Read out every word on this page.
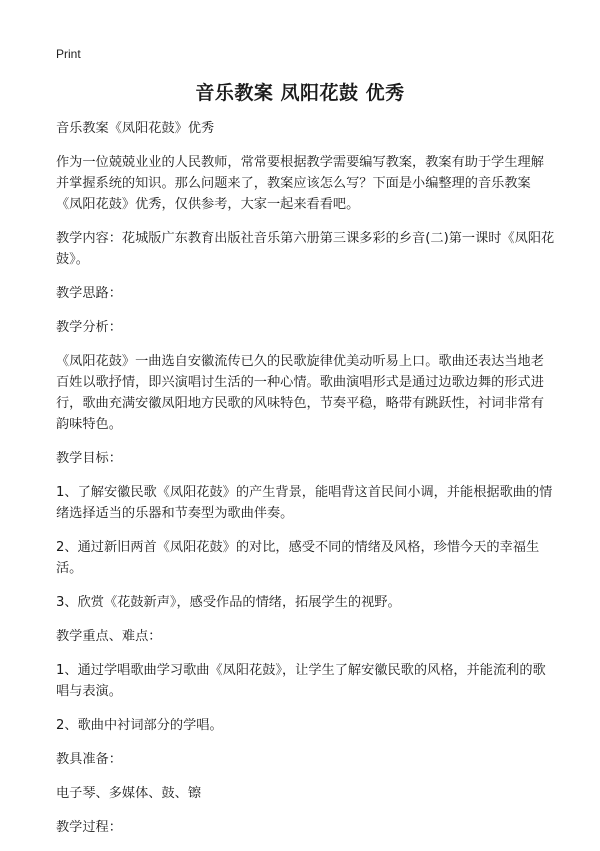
Print
音乐教案 凤阳花鼓 优秀

音乐教案《凤阳花鼓》优秀

作为一位兢兢业业的人民教师，常常要根据教学需要编写教案，教案有助于学生理解并掌握系统的知识。那么问题来了，教案应该怎么写？下面是小编整理的音乐教案《凤阳花鼓》优秀，仅供参考，大家一起来看看吧。

教学内容：花城版广东教育出版社音乐第六册第三课多彩的乡音(二)第一课时《凤阳花鼓》。

教学思路：

教学分析：

《凤阳花鼓》一曲选自安徽流传已久的民歌旋律优美动听易上口。歌曲还表达当地老百姓以歌抒情，即兴演唱讨生活的一种心情。歌曲演唱形式是通过边歌边舞的形式进行，歌曲充满安徽凤阳地方民歌的风味特色，节奏平稳，略带有跳跃性，衬词非常有韵味特色。

教学目标：

1、了解安徽民歌《凤阳花鼓》的产生背景，能唱背这首民间小调，并能根据歌曲的情绪选择适当的乐器和节奏型为歌曲伴奏。

2、通过新旧两首《凤阳花鼓》的对比，感受不同的情绪及风格，珍惜今天的幸福生活。

3、欣赏《花鼓新声》，感受作品的情绪，拓展学生的视野。

教学重点、难点：

1、通过学唱歌曲学习歌曲《凤阳花鼓》，让学生了解安徽民歌的风格，并能流利的歌唱与表演。

2、歌曲中衬词部分的学唱。

教具准备：

电子琴、多媒体、鼓、镲

教学过程：
